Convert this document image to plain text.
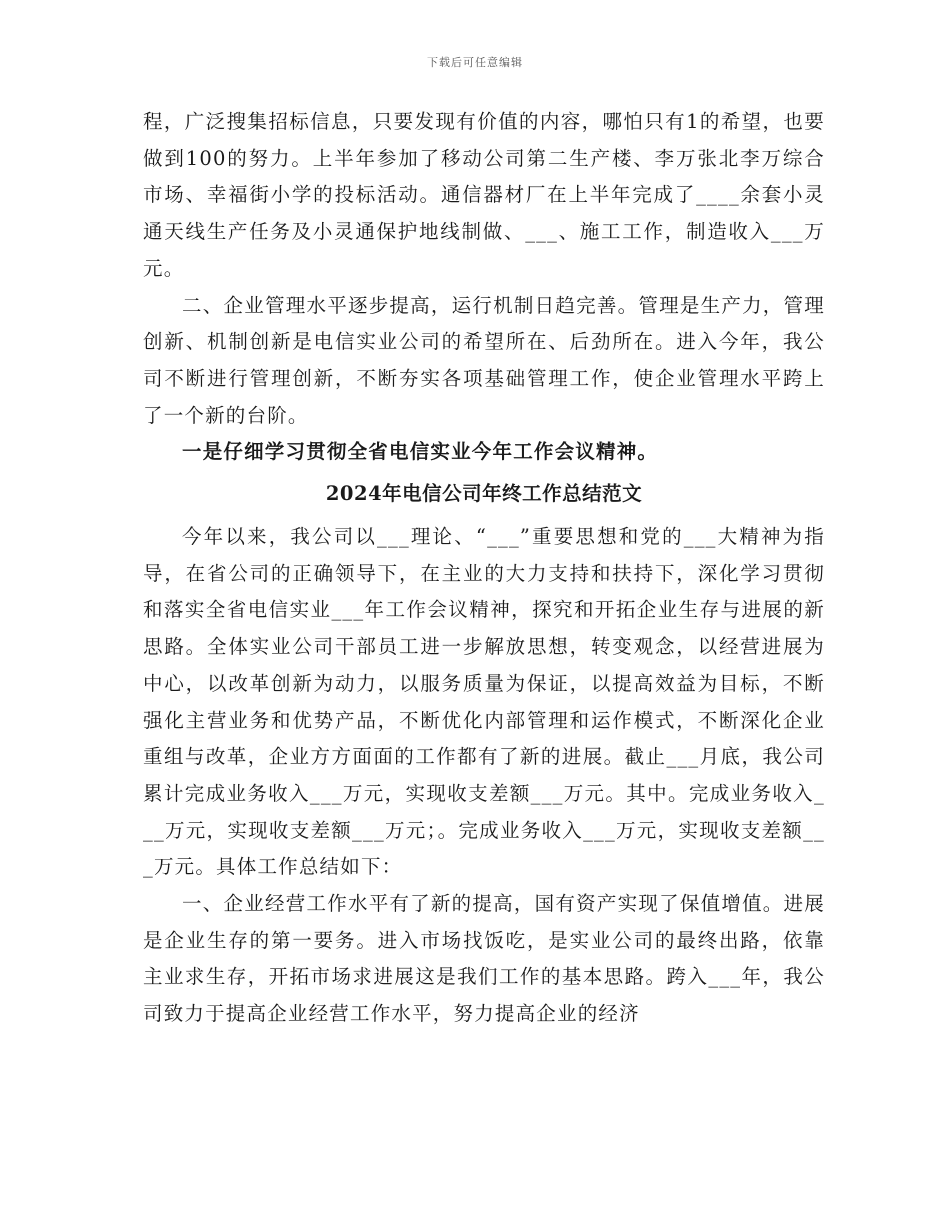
下载后可任意编辑

程，广泛搜集招标信息，只要发现有价值的内容，哪怕只有1的希望，也要做到100的努力。上半年参加了移动公司第二生产楼、李万张北李万综合市场、幸福街小学的投标活动。通信器材厂在上半年完成了____余套小灵通天线生产任务及小灵通保护地线制做、___、施工工作，制造收入___万元。

二、企业管理水平逐步提高，运行机制日趋完善。管理是生产力，管理创新、机制创新是电信实业公司的希望所在、后劲所在。进入今年，我公司不断进行管理创新，不断夯实各项基础管理工作，使企业管理水平跨上了一个新的台阶。

一是仔细学习贯彻全省电信实业今年工作会议精神。

2024年电信公司年终工作总结范文

今年以来，我公司以___理论、“___”重要思想和党的___大精神为指导，在省公司的正确领导下，在主业的大力支持和扶持下，深化学习贯彻和落实全省电信实业___年工作会议精神，探究和开拓企业生存与进展的新思路。全体实业公司干部员工进一步解放思想，转变观念，以经营进展为中心，以改革创新为动力，以服务质量为保证，以提高效益为目标，不断强化主营业务和优势产品，不断优化内部管理和运作模式，不断深化企业重组与改革，企业方方面面的工作都有了新的进展。截止___月底，我公司累计完成业务收入___万元，实现收支差额___万元。其中。完成业务收入___万元，实现收支差额___万元；。完成业务收入___万元，实现收支差额___万元。具体工作总结如下：

一、企业经营工作水平有了新的提高，国有资产实现了保值增值。进展是企业生存的第一要务。进入市场找饭吃，是实业公司的最终出路，依靠主业求生存，开拓市场求进展这是我们工作的基本思路。跨入___年，我公司致力于提高企业经营工作水平，努力提高企业的经济
